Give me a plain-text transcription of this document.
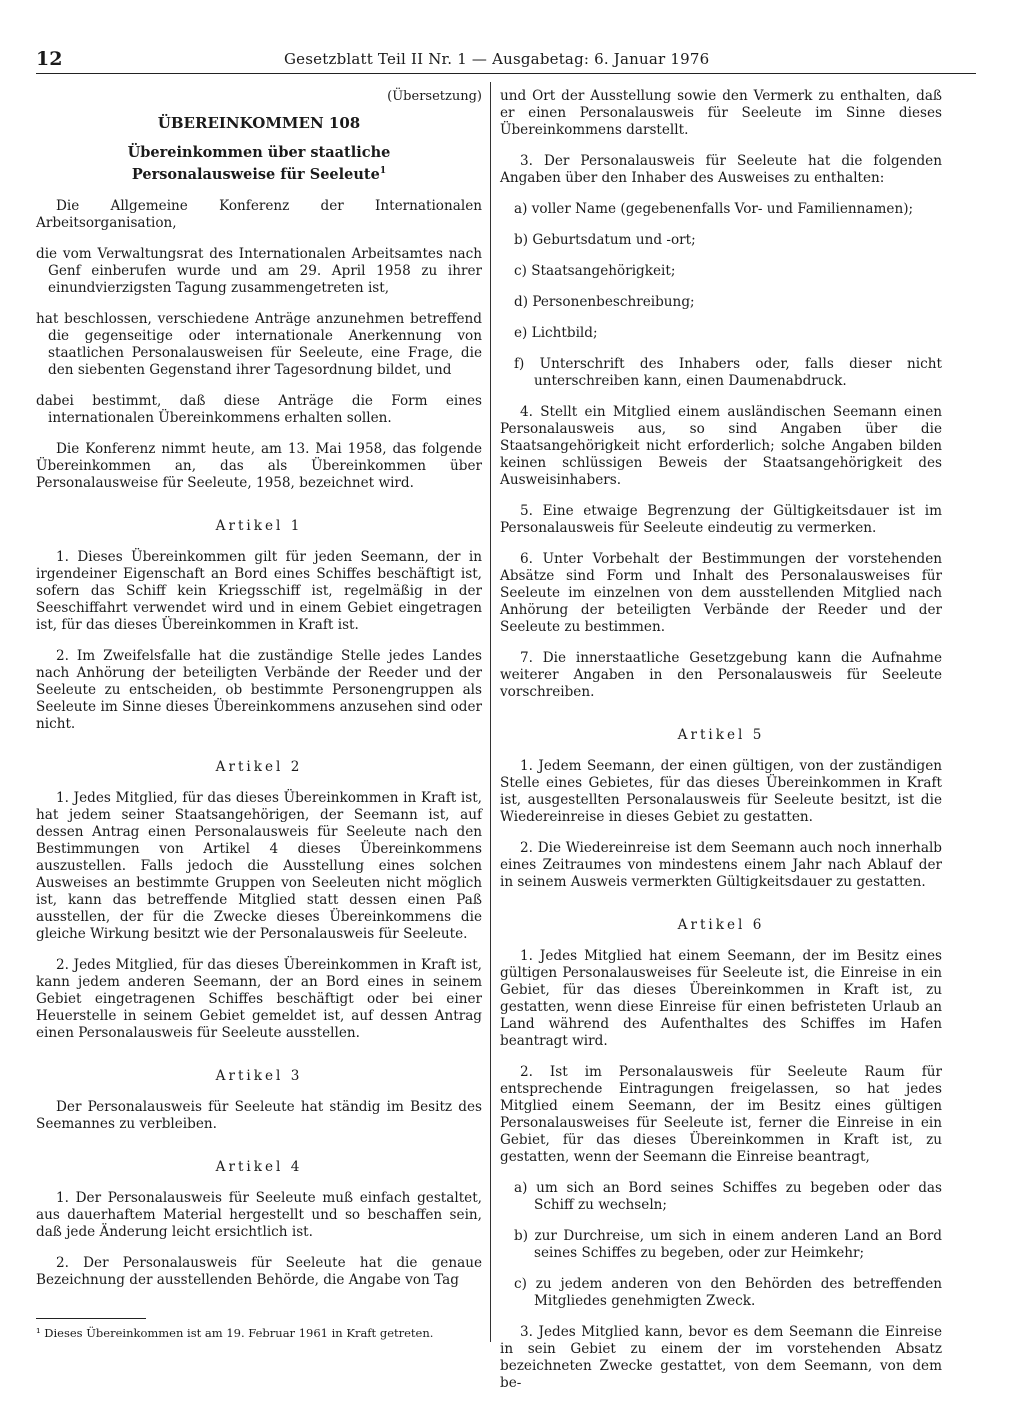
12	Gesetzblatt Teil II Nr. 1 — Ausgabetag: 6. Januar 1976

(Übersetzung)

ÜBEREINKOMMEN 108

Übereinkommen über staatliche Personalausweise für Seeleute$^1$

Die Allgemeine Konferenz der Internationalen Arbeitsorganisation,

die vom Verwaltungsrat des Internationalen Arbeitsamtes nach Genf einberufen wurde und am 29. April 1958 zu ihrer einundvierzigsten Tagung zusammengetreten ist,

hat beschlossen, verschiedene Anträge anzunehmen betreffend die gegenseitige oder internationale Anerkennung von staatlichen Personalausweisen für Seeleute, eine Frage, die den siebenten Gegenstand ihrer Tagesordnung bildet, und

dabei bestimmt, daß diese Anträge die Form eines internationalen Übereinkommens erhalten sollen.

Die Konferenz nimmt heute, am 13. Mai 1958, das folgende Übereinkommen an, das als Übereinkommen über Personalausweise für Seeleute, 1958, bezeichnet wird.

Artikel 1

1. Dieses Übereinkommen gilt für jeden Seemann, der in irgendeiner Eigenschaft an Bord eines Schiffes beschäftigt ist, sofern das Schiff kein Kriegsschiff ist, regelmäßig in der Seeschiffahrt verwendet wird und in einem Gebiet eingetragen ist, für das dieses Übereinkommen in Kraft ist.

2. Im Zweifelsfalle hat die zuständige Stelle jedes Landes nach Anhörung der beteiligten Verbände der Reeder und der Seeleute zu entscheiden, ob bestimmte Personengruppen als Seeleute im Sinne dieses Übereinkommens anzusehen sind oder nicht.

Artikel 2

1. Jedes Mitglied, für das dieses Übereinkommen in Kraft ist, hat jedem seiner Staatsangehörigen, der Seemann ist, auf dessen Antrag einen Personalausweis für Seeleute nach den Bestimmungen von Artikel 4 dieses Übereinkommens auszustellen. Falls jedoch die Ausstellung eines solchen Ausweises an bestimmte Gruppen von Seeleuten nicht möglich ist, kann das betreffende Mitglied statt dessen einen Paß ausstellen, der für die Zwecke dieses Übereinkommens die gleiche Wirkung besitzt wie der Personalausweis für Seeleute.

2. Jedes Mitglied, für das dieses Übereinkommen in Kraft ist, kann jedem anderen Seemann, der an Bord eines in seinem Gebiet eingetragenen Schiffes beschäftigt oder bei einer Heuerstelle in seinem Gebiet gemeldet ist, auf dessen Antrag einen Personalausweis für Seeleute ausstellen.

Artikel 3

Der Personalausweis für Seeleute hat ständig im Besitz des Seemannes zu verbleiben.

Artikel 4

1. Der Personalausweis für Seeleute muß einfach gestaltet, aus dauerhaftem Material hergestellt und so beschaffen sein, daß jede Änderung leicht ersichtlich ist.

2. Der Personalausweis für Seeleute hat die genaue Bezeichnung der ausstellenden Behörde, die Angabe von Tag

¹ Dieses Übereinkommen ist am 19. Februar 1961 in Kraft getreten.

und Ort der Ausstellung sowie den Vermerk zu enthalten, daß er einen Personalausweis für Seeleute im Sinne dieses Übereinkommens darstellt.

3. Der Personalausweis für Seeleute hat die folgenden Angaben über den Inhaber des Ausweises zu enthalten:

a) voller Name (gegebenenfalls Vor- und Familiennamen);

b) Geburtsdatum und -ort;

c) Staatsangehörigkeit;

d) Personenbeschreibung;

e) Lichtbild;

f) Unterschrift des Inhabers oder, falls dieser nicht unterschreiben kann, einen Daumenabdruck.

4. Stellt ein Mitglied einem ausländischen Seemann einen Personalausweis aus, so sind Angaben über die Staatsangehörigkeit nicht erforderlich; solche Angaben bilden keinen schlüssigen Beweis der Staatsangehörigkeit des Ausweisinhabers.

5. Eine etwaige Begrenzung der Gültigkeitsdauer ist im Personalausweis für Seeleute eindeutig zu vermerken.

6. Unter Vorbehalt der Bestimmungen der vorstehenden Absätze sind Form und Inhalt des Personalausweises für Seeleute im einzelnen von dem ausstellenden Mitglied nach Anhörung der beteiligten Verbände der Reeder und der Seeleute zu bestimmen.

7. Die innerstaatliche Gesetzgebung kann die Aufnahme weiterer Angaben in den Personalausweis für Seeleute vorschreiben.

Artikel 5

1. Jedem Seemann, der einen gültigen, von der zuständigen Stelle eines Gebietes, für das dieses Übereinkommen in Kraft ist, ausgestellten Personalausweis für Seeleute besitzt, ist die Wiedereinreise in dieses Gebiet zu gestatten.

2. Die Wiedereinreise ist dem Seemann auch noch innerhalb eines Zeitraumes von mindestens einem Jahr nach Ablauf der in seinem Ausweis vermerkten Gültigkeitsdauer zu gestatten.

Artikel 6

1. Jedes Mitglied hat einem Seemann, der im Besitz eines gültigen Personalausweises für Seeleute ist, die Einreise in ein Gebiet, für das dieses Übereinkommen in Kraft ist, zu gestatten, wenn diese Einreise für einen befristeten Urlaub an Land während des Aufenthaltes des Schiffes im Hafen beantragt wird.

2. Ist im Personalausweis für Seeleute Raum für entsprechende Eintragungen freigelassen, so hat jedes Mitglied einem Seemann, der im Besitz eines gültigen Personalausweises für Seeleute ist, ferner die Einreise in ein Gebiet, für das dieses Übereinkommen in Kraft ist, zu gestatten, wenn der Seemann die Einreise beantragt,

a) um sich an Bord seines Schiffes zu begeben oder das Schiff zu wechseln;

b) zur Durchreise, um sich in einem anderen Land an Bord seines Schiffes zu begeben, oder zur Heimkehr;

c) zu jedem anderen von den Behörden des betreffenden Mitgliedes genehmigten Zweck.

3. Jedes Mitglied kann, bevor es dem Seemann die Einreise in sein Gebiet zu einem der im vorstehenden Absatz bezeichneten Zwecke gestattet, von dem Seemann, von dem be-
